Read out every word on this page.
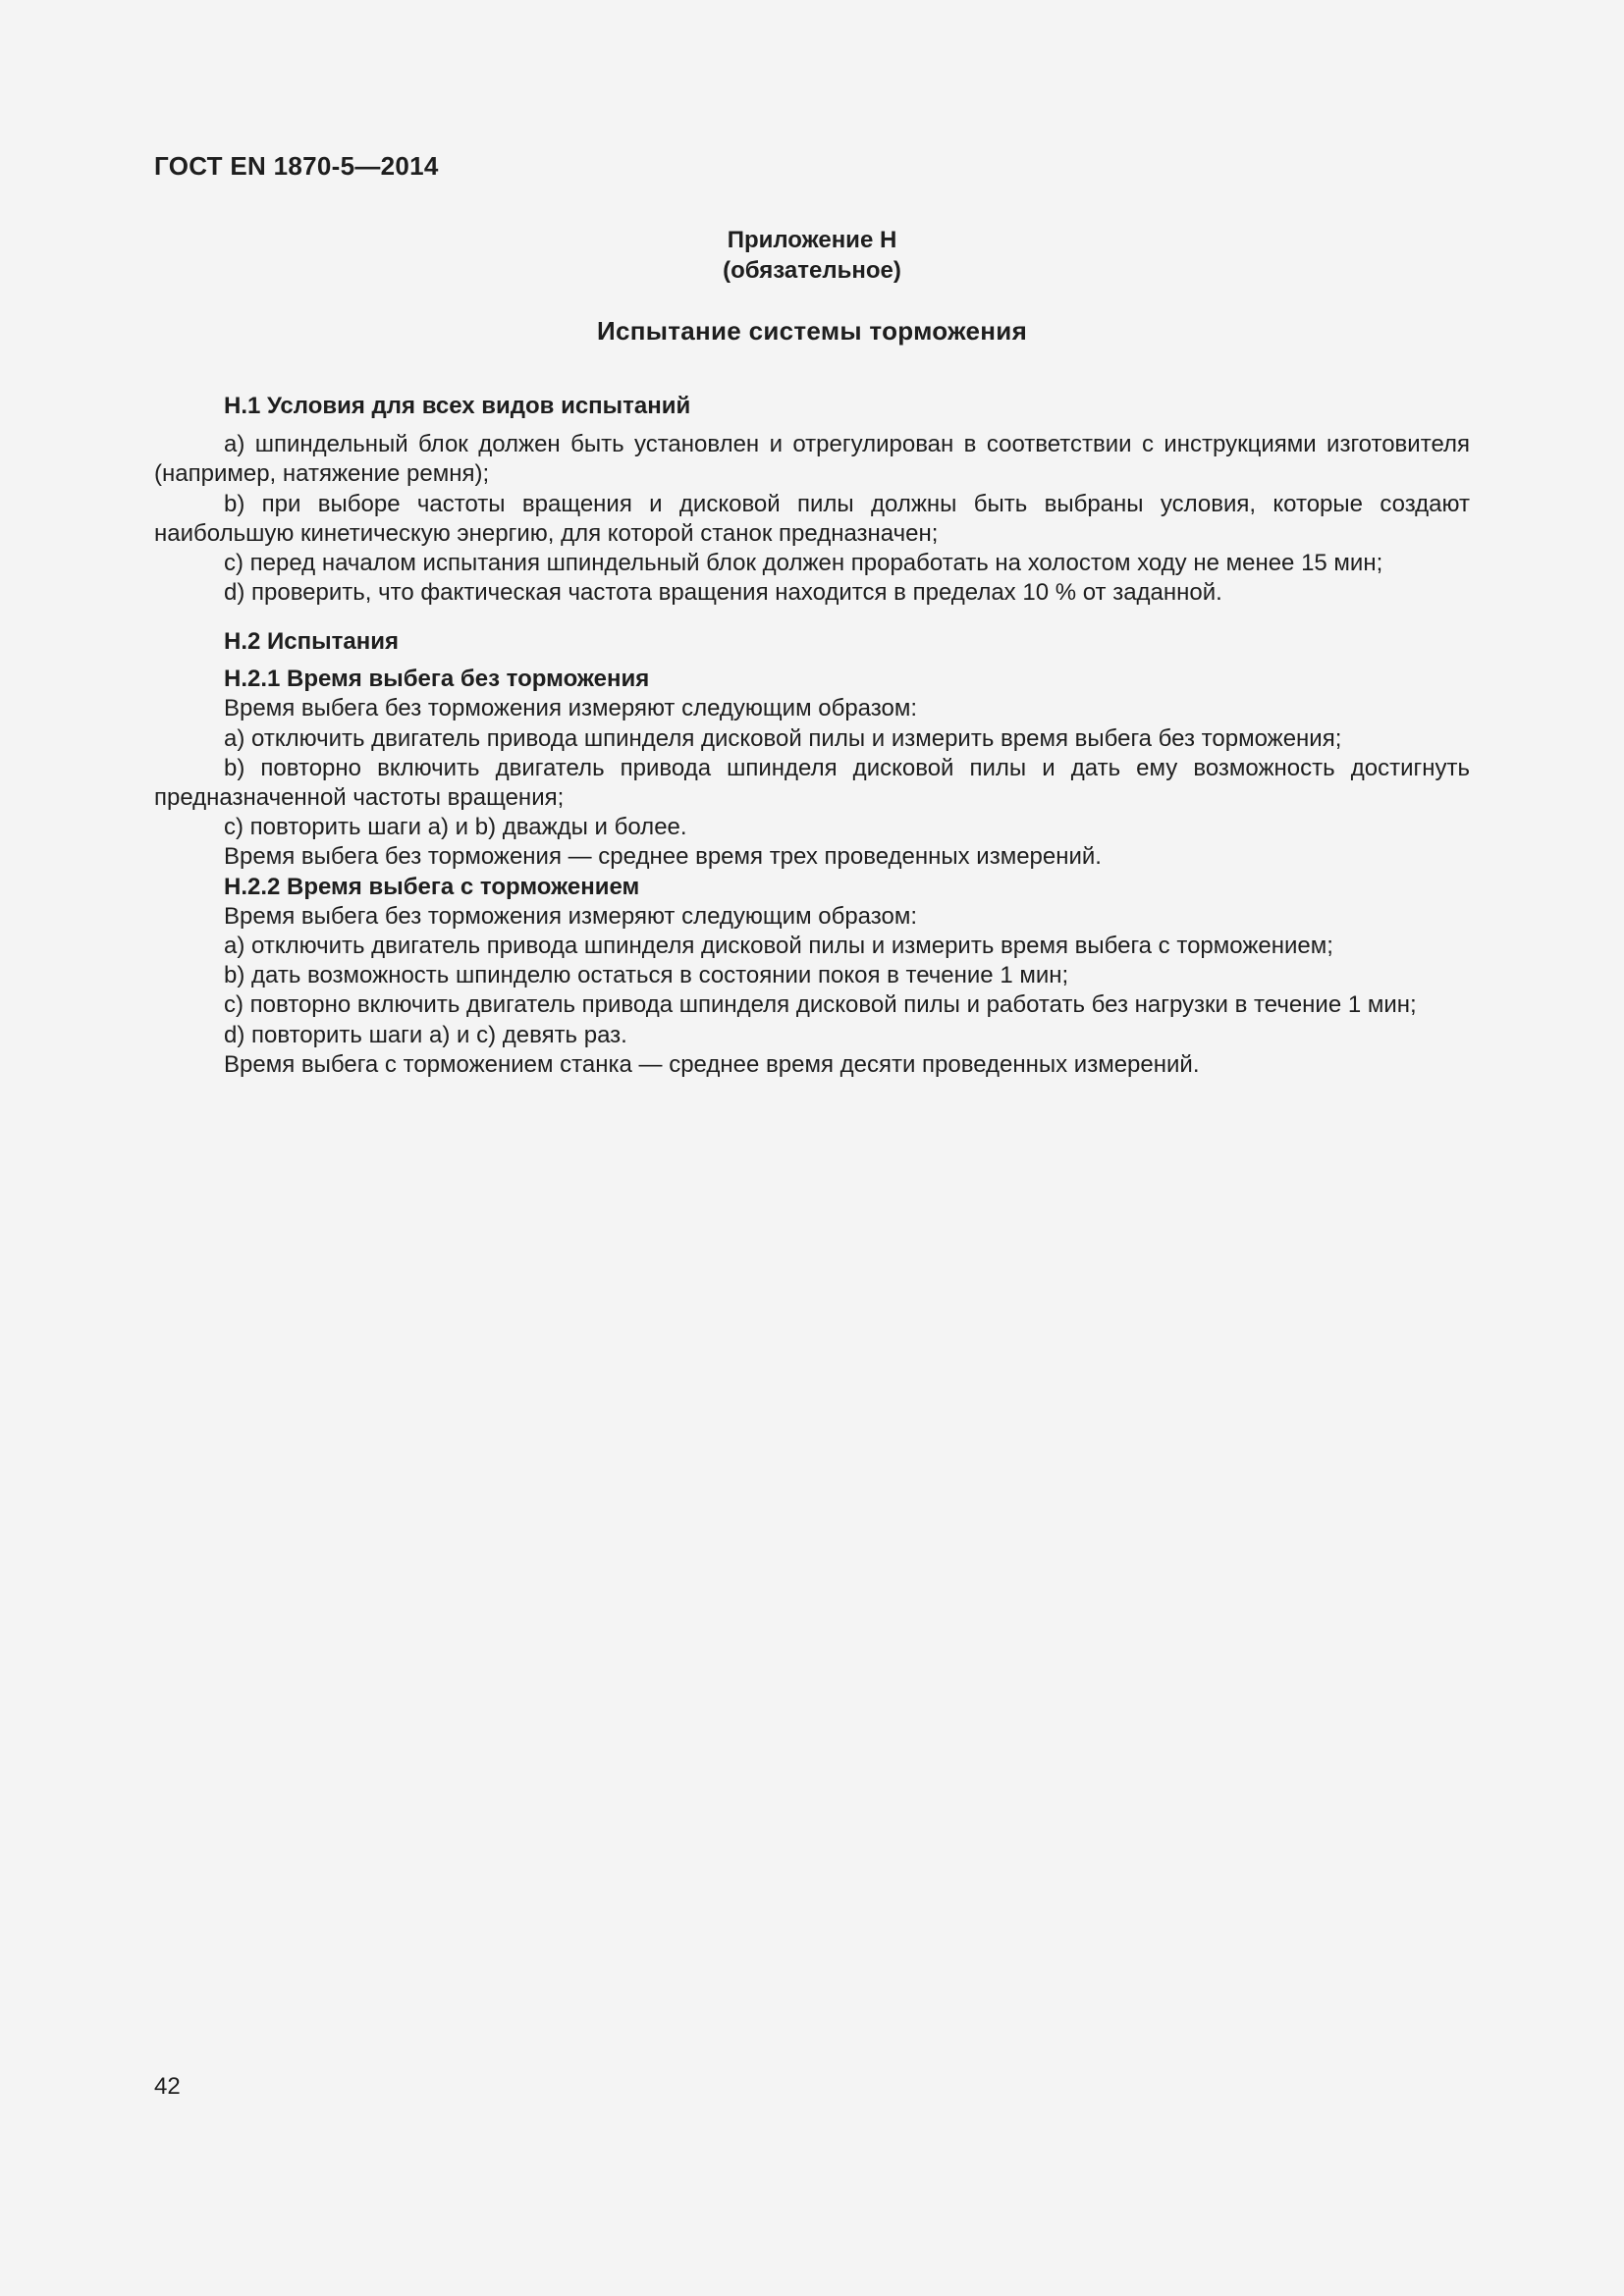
ГОСТ EN 1870-5—2014
Приложение Н
(обязательное)
Испытание системы торможения

Н.1 Условия для всех видов испытаний

а) шпиндельный блок должен быть установлен и отрегулирован в соответствии с инструкциями изготовителя (например, натяжение ремня);

b) при выборе частоты вращения и дисковой пилы должны быть выбраны условия, которые создают наибольшую кинетическую энергию, для которой станок предназначен;

c) перед началом испытания шпиндельный блок должен проработать на холостом ходу не менее 15 мин;

d) проверить, что фактическая частота вращения находится в пределах 10 % от заданной.

Н.2 Испытания

Н.2.1 Время выбега без торможения

Время выбега без торможения измеряют следующим образом:

а) отключить двигатель привода шпинделя дисковой пилы и измерить время выбега без торможения;

b) повторно включить двигатель привода шпинделя дисковой пилы и дать ему возможность достигнуть предназначенной частоты вращения;

c) повторить шаги а) и b) дважды и более.

Время выбега без торможения — среднее время трех проведенных измерений.

Н.2.2 Время выбега с торможением

Время выбега без торможения измеряют следующим образом:

а) отключить двигатель привода шпинделя дисковой пилы и измерить время выбега с торможением;

b) дать возможность шпинделю остаться в состоянии покоя в течение 1 мин;

c) повторно включить двигатель привода шпинделя дисковой пилы и работать без нагрузки в течение 1 мин;

d) повторить шаги а) и c) девять раз.

Время выбега с торможением станка — среднее время десяти проведенных измерений.

42
